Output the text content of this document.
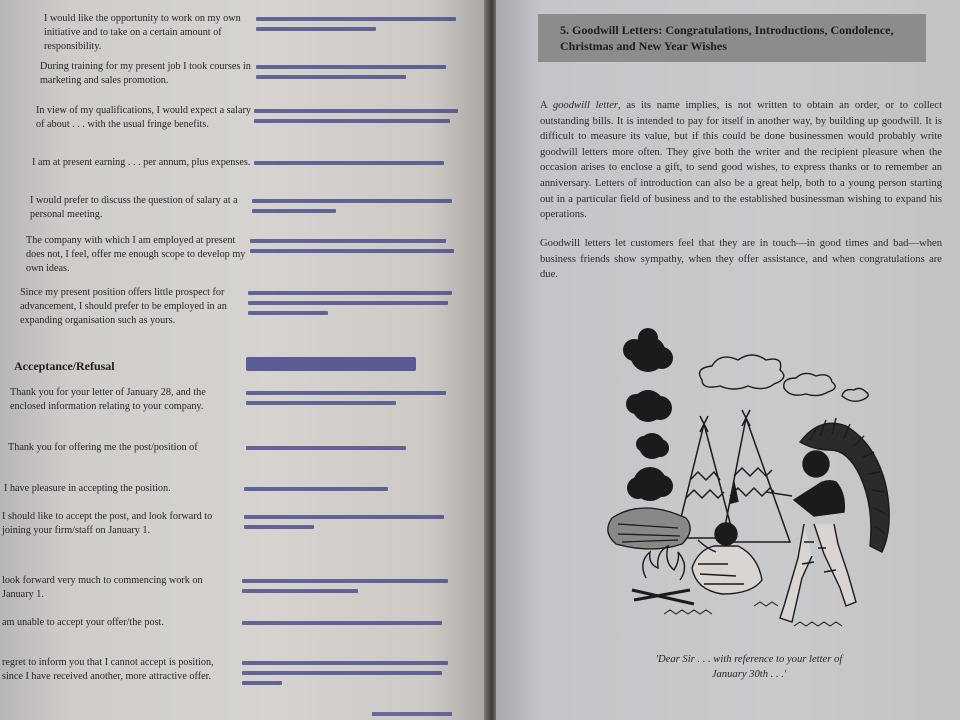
I would like the opportunity to work on my own initiative and to take on a certain amount of responsibility.

During training for my present job I took courses in marketing and sales promotion.

In view of my qualifications, I would expect a salary of about . . . with the usual fringe benefits.

I am at present earning . . . per annum, plus expenses.

I would prefer to discuss the question of salary at a personal meeting.

The company with which I am employed at present does not, I feel, offer me enough scope to develop my own ideas.

Since my present position offers little prospect for advancement, I should prefer to be employed in an expanding organisation such as yours.

Acceptance/Refusal

Thank you for your letter of January 28, and the enclosed information relating to your company.

Thank you for offering me the post/position of

I have pleasure in accepting the position.

I should like to accept the post, and look forward to joining your firm/staff on January 1.

look forward very much to commencing work on January 1.

am unable to accept your offer/the post.

regret to inform you that I cannot accept is position, since I have received another, more attractive offer.

5. Goodwill Letters: Congratulations, Introductions, Condolence, Christmas and New Year Wishes

A goodwill letter, as its name implies, is not written to obtain an order, or to collect outstanding bills. It is intended to pay for itself in another way, by building up goodwill. It is difficult to measure its value, but if this could be done businessmen would probably write goodwill letters more often. They give both the writer and the recipient pleasure when the occasion arises to enclose a gift, to send good wishes, to express thanks or to remember an anniversary. Letters of introduction can also be a great help, both to a young person starting out in a particular field of business and to the established businessman wishing to expand his operations.

Goodwill letters let customers feel that they are in touch—in good times and bad—when business friends show sympathy, when they offer assistance, and when congratulations are due.

'Dear Sir . . . with reference to your letter of
January 30th . . .'
